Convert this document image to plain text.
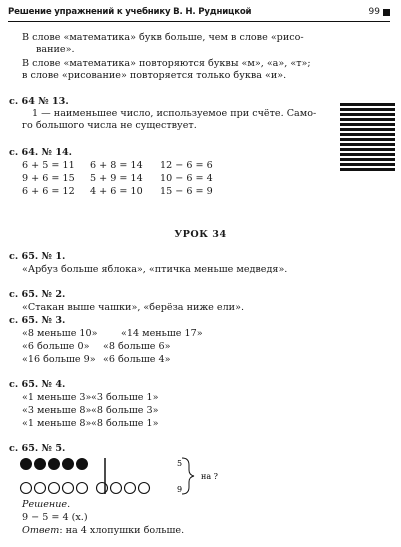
Решение упражнений к учебнику В. Н. Рудницкой	99
В слове «математика» букв больше, чем в слове «рисо-
вание».
В слове «математика» повторяются буквы «м», «а», «т»;
в слове «рисование» повторяется только буква «и».
с. 64 № 13.
1 — наименьшее число, используемое при счёте. Само-
го большого числа не существует.
с. 64. № 14.
6 + 5 = 11 6 + 8 = 14 12 − 6 = 6
9 + 6 = 15 5 + 9 = 14 10 − 6 = 4
6 + 6 = 12 4 + 6 = 10 15 − 6 = 9
УРОК 34
с. 65. № 1.
«Арбуз больше яблока», «птичка меньше медведя».
с. 65. № 2.
«Стакан выше чашки», «берёза ниже ели».
с. 65. № 3.
«8 меньше 10» «14 меньше 17»
«6 больше 0» «8 больше 6»
«16 больше 9» «6 больше 4»
с. 65. № 4.
«1 меньше 3» «3 больше 1»
«3 меньше 8» «8 больше 3»
«1 меньше 8» «8 больше 1»
с. 65. № 5.
5
9
на ?
Решение.
9 − 5 = 4 (х.)
Ответ: на 4 хлопушки больше.
